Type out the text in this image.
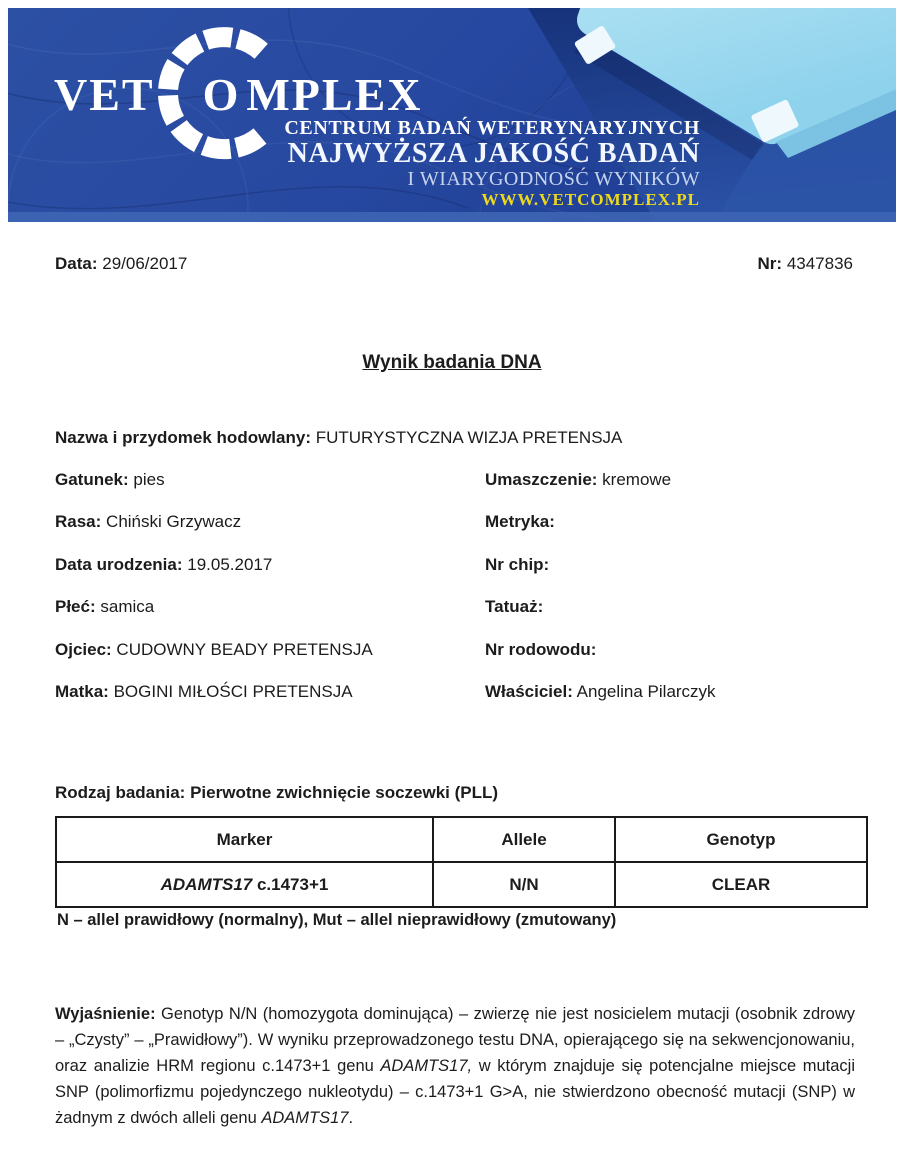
VET O MPLEX
CENTRUM BADAŃ WETERYNARYJNYCH
NAJWYŻSZA JAKOŚĆ BADAŃ
I WIARYGODNOŚĆ WYNIKÓW
WWW.VETCOMPLEX.PL
Nr: 4347836
Data: 29/06/2017
Wynik badania DNA
Nazwa i przydomek hodowlany: FUTURYSTYCZNA WIZJA PRETENSJA
Gatunek: pies	Umaszczenie: kremowe
Rasa: Chiński Grzywacz	Metryka:
Data urodzenia: 19.05.2017	Nr chip:
Płeć: samica	Tatuaż:
Ojciec: CUDOWNY BEADY PRETENSJA	Nr rodowodu:
Matka: BOGINI MIŁOŚCI PRETENSJA	Właściciel: Angelina Pilarczyk
Rodzaj badania: Pierwotne zwichnięcie soczewki (PLL)
Marker	Allele	Genotyp
ADAMTS17 c.1473+1	N/N	CLEAR
N – allel prawidłowy (normalny), Mut – allel nieprawidłowy (zmutowany)

Wyjaśnienie: Genotyp N/N (homozygota dominująca) – zwierzę nie jest nosicielem mutacji (osobnik zdrowy – „Czysty” – „Prawidłowy”). W wyniku przeprowadzonego testu DNA, opierającego się na sekwencjonowaniu, oraz analizie HRM regionu c.1473+1 genu ADAMTS17, w którym znajduje się potencjalne miejsce mutacji SNP (polimorfizmu pojedynczego nukleotydu) – c.1473+1 G>A, nie stwierdzono obecność mutacji (SNP) w żadnym z dwóch alleli genu ADAMTS17.
